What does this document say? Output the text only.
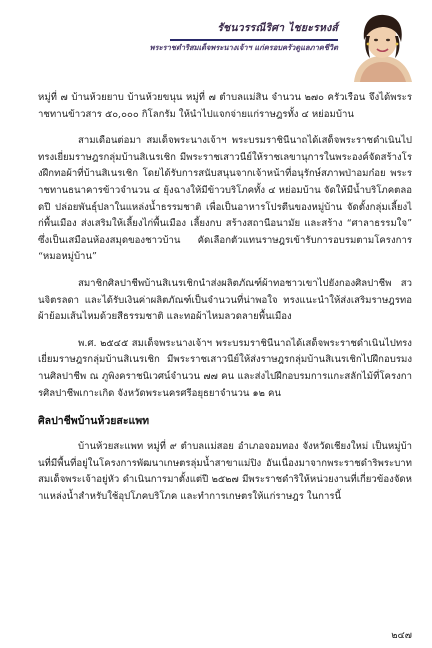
รัชนวรรณีริศา ไชยะรหงส์
พระราชดำริสมเด็จพระนางเจ้าฯ แก่ครอบครัวดูแลภาคชีวิต

หมู่ที่ ๗ บ้านห้วยยาบ บ้านห้วยขนุน หมู่ที่ ๗ ตำบลแม่สิน จำนวน ๒๗๐ ครัวเรือน จึงได้พระราชทานข้าวสาร ๕๐,๐๐๐ กิโลกรัม ให้นำไปแจกจ่ายแก่ราษฎรทั้ง ๔ หย่อมบ้าน

สามเดือนต่อมา สมเด็จพระนางเจ้าฯ พระบรมราชินีนาถได้เสด็จพระราชดำเนินไปทรงเยี่ยมราษฎรกลุ่มบ้านสิเนรเชิก มีพระราชเสาวนีย์ให้ราชเลขานุการในพระองค์จัดสร้างโรงฝึกทอผ้าที่บ้านสิเนรเชิก โดยได้รับการสนับสนุนจากเจ้าหน้าที่อนุรักษ์สภาพป่าอมก๋อย พระราชทานธนาคารข้าวจำนวน ๔ ยุ้งฉางให้มีข้าวบริโภคทั้ง ๔ หย่อมบ้าน จัดให้มีน้ำบริโภคตลอดปี ปล่อยพันธุ์ปลาในแหล่งน้ำธรรมชาติ เพื่อเป็นอาหารโปรตีนของหมู่บ้าน จัดตั้งกลุ่มเลี้ยงไก่พื้นเมือง ส่งเสริมให้เลี้ยงไก่พื้นเมือง เลี้ยงกบ สร้างสถานีอนามัย และสร้าง “ศาลาธรรมใจ” ซึ่งเป็นเสมือนห้องสมุดของชาวบ้าน คัดเลือกตัวแทนราษฎรเข้ารับการอบรมตามโครงการ “หมอหมู่บ้าน”

สมาชิกศิลปาชีพบ้านสิเนรเชิกนำส่งผลิตภัณฑ์ผ้าทอชาวเขาไปยังกองศิลปาชีพ สวนจิตรลดา และได้รับเงินค่าผลิตภัณฑ์เป็นจำนวนที่น่าพอใจ ทรงแนะนำให้ส่งเสริมราษฎรทอผ้าย้อมเส้นไหมด้วยสีธรรมชาติ และทอผ้าไหมลวดลายพื้นเมือง

พ.ศ. ๒๕๔๕ สมเด็จพระนางเจ้าฯ พระบรมราชินีนาถได้เสด็จพระราชดำเนินไปทรงเยี่ยมราษฎรกลุ่มบ้านสิเนรเชิก มีพระราชเสาวนีย์ให้ส่งราษฎรกลุ่มบ้านสิเนรเชิกไปฝึกอบรมงานศิลปาชีพ ณ ภูพิงคราชนิเวศน์จำนวน ๗๗ คน และส่งไปฝึกอบรมการแกะสลักไม้ที่โครงการศิลปาชีพเกาะเกิด จังหวัดพระนครศรีอยุธยาจำนวน ๑๒ คน

ศิลปาชีพบ้านห้วยสะแพท

บ้านห้วยสะแพท หมู่ที่ ๙ ตำบลแม่สอย อำเภอจอมทอง จังหวัดเชียงใหม่ เป็นหมู่บ้านที่มีพื้นที่อยู่ในโครงการพัฒนาเกษตรลุ่มน้ำสาขาแม่ปิง อันเนื่องมาจากพระราชดำริพระบาทสมเด็จพระเจ้าอยู่หัว ดำเนินการมาตั้งแต่ปี ๒๕๒๗ มีพระราชดำริให้หน่วยงานที่เกี่ยวข้องจัดหาแหล่งน้ำสำหรับใช้อุปโภคบริโภค และทำการเกษตรให้แก่ราษฎร ในการนี้

๒๔๗
